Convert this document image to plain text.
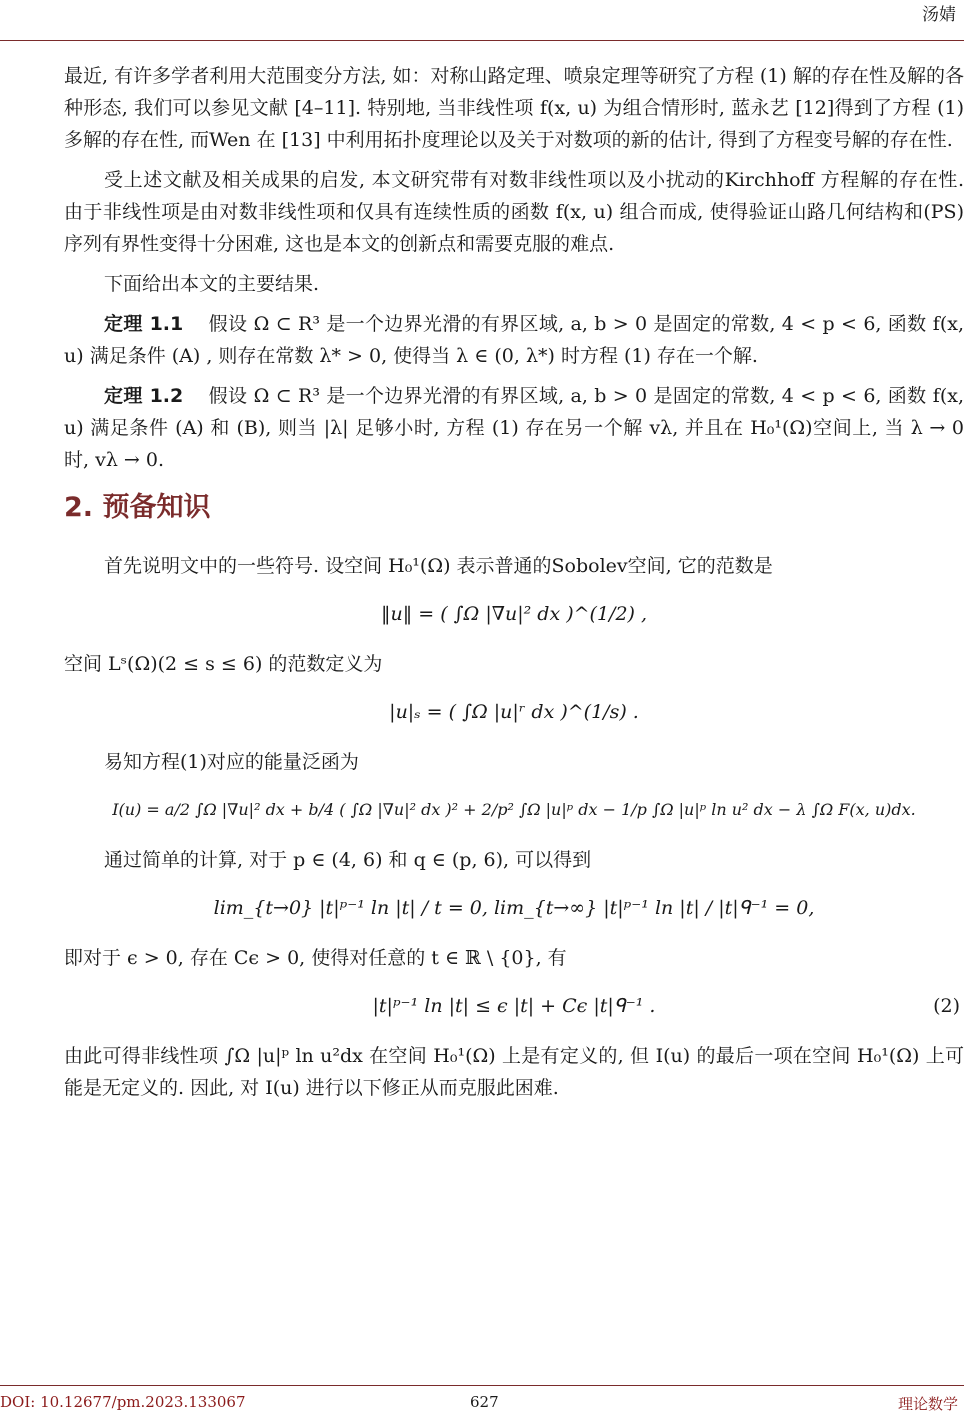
汤婧

最近, 有许多学者利用大范围变分方法, 如：对称山路定理、喷泉定理等研究了方程 (1) 解的存在性及解的各种形态, 我们可以参见文献 [4–11]. 特别地, 当非线性项 f(x, u) 为组合情形时, 蓝永艺 [12]得到了方程 (1)多解的存在性, 而Wen 在 [13] 中利用拓扑度理论以及关于对数项的新的估计, 得到了方程变号解的存在性.

受上述文献及相关成果的启发, 本文研究带有对数非线性项以及小扰动的Kirchhoff 方程解的存在性. 由于非线性项是由对数非线性项和仅具有连续性质的函数 f(x, u) 组合而成, 使得验证山路几何结构和(PS)序列有界性变得十分困难, 这也是本文的创新点和需要克服的难点.

下面给出本文的主要结果.

定理 1.1 假设 Ω ⊂ R³ 是一个边界光滑的有界区域, a, b > 0 是固定的常数, 4 < p < 6, 函数 f(x, u) 满足条件 (A) , 则存在常数 λ* > 0, 使得当 λ ∈ (0, λ*) 时方程 (1) 存在一个解.

定理 1.2 假设 Ω ⊂ R³ 是一个边界光滑的有界区域, a, b > 0 是固定的常数, 4 < p < 6, 函数 f(x, u) 满足条件 (A) 和 (B), 则当 |λ| 足够小时, 方程 (1) 存在另一个解 vλ, 并且在 H₀¹(Ω)空间上, 当 λ → 0 时, vλ → 0.

2. 预备知识

首先说明文中的一些符号. 设空间 H₀¹(Ω) 表示普通的Sobolev空间, 它的范数是

‖u‖ = ( ∫Ω |∇u|² dx )^(1/2) ,

空间 Lˢ(Ω)(2 ≤ s ≤ 6) 的范数定义为

|u|ₛ = ( ∫Ω |u|ʳ dx )^(1/s) .

易知方程(1)对应的能量泛函为

I(u) = a/2 ∫Ω |∇u|² dx + b/4 ( ∫Ω |∇u|² dx )² + 2/p² ∫Ω |u|ᵖ dx − 1/p ∫Ω |u|ᵖ ln u² dx − λ ∫Ω F(x, u)dx.

通过简单的计算, 对于 p ∈ (4, 6) 和 q ∈ (p, 6), 可以得到

lim_{t→0} |t|ᵖ⁻¹ ln |t| / t = 0, lim_{t→∞} |t|ᵖ⁻¹ ln |t| / |t|ᑫ⁻¹ = 0,

即对于 ϵ > 0, 存在 Cϵ > 0, 使得对任意的 t ∈ ℝ \ {0}, 有

|t|ᵖ⁻¹ ln |t| ≤ ϵ |t| + Cϵ |t|ᑫ⁻¹ .	(2)

由此可得非线性项 ∫Ω |u|ᵖ ln u²dx 在空间 H₀¹(Ω) 上是有定义的, 但 I(u) 的最后一项在空间 H₀¹(Ω) 上可能是无定义的. 因此, 对 I(u) 进行以下修正从而克服此困难.

DOI: 10.12677/pm.2023.133067	627	理论数学
